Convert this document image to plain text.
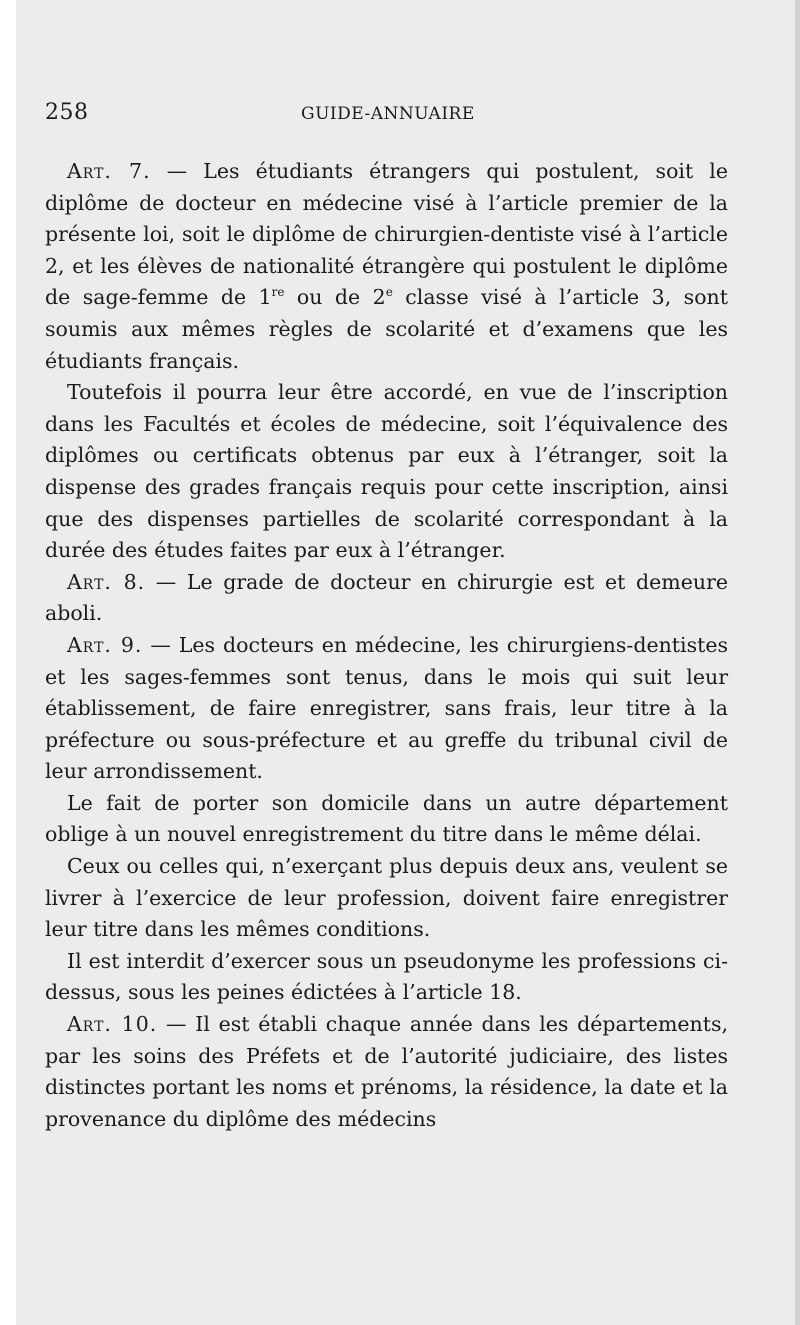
258	GUIDE-ANNUAIRE

Art. 7. — Les étudiants étrangers qui postulent, soit le diplôme de docteur en médecine visé à l’article premier de la présente loi, soit le diplôme de chirurgien-dentiste visé à l’article 2, et les élèves de nationalité étrangère qui postulent le diplôme de sage-femme de 1re ou de 2e classe visé à l’article 3, sont soumis aux mêmes règles de scolarité et d’examens que les étudiants français.

Toutefois il pourra leur être accordé, en vue de l’inscription dans les Facultés et écoles de médecine, soit l’équivalence des diplômes ou certificats obtenus par eux à l’étranger, soit la dispense des grades français requis pour cette inscription, ainsi que des dispenses partielles de scolarité correspondant à la durée des études faites par eux à l’étranger.

Art. 8. — Le grade de docteur en chirurgie est et demeure aboli.

Art. 9. — Les docteurs en médecine, les chirurgiens-dentistes et les sages-femmes sont tenus, dans le mois qui suit leur établissement, de faire enregistrer, sans frais, leur titre à la préfecture ou sous-préfecture et au greffe du tribunal civil de leur arrondissement.

Le fait de porter son domicile dans un autre département oblige à un nouvel enregistrement du titre dans le même délai.

Ceux ou celles qui, n’exerçant plus depuis deux ans, veulent se livrer à l’exercice de leur profession, doivent faire enregistrer leur titre dans les mêmes conditions.

Il est interdit d’exercer sous un pseudonyme les professions ci-dessus, sous les peines édictées à l’article 18.

Art. 10. — Il est établi chaque année dans les départements, par les soins des Préfets et de l’autorité judiciaire, des listes distinctes portant les noms et prénoms, la résidence, la date et la provenance du diplôme des médecins
